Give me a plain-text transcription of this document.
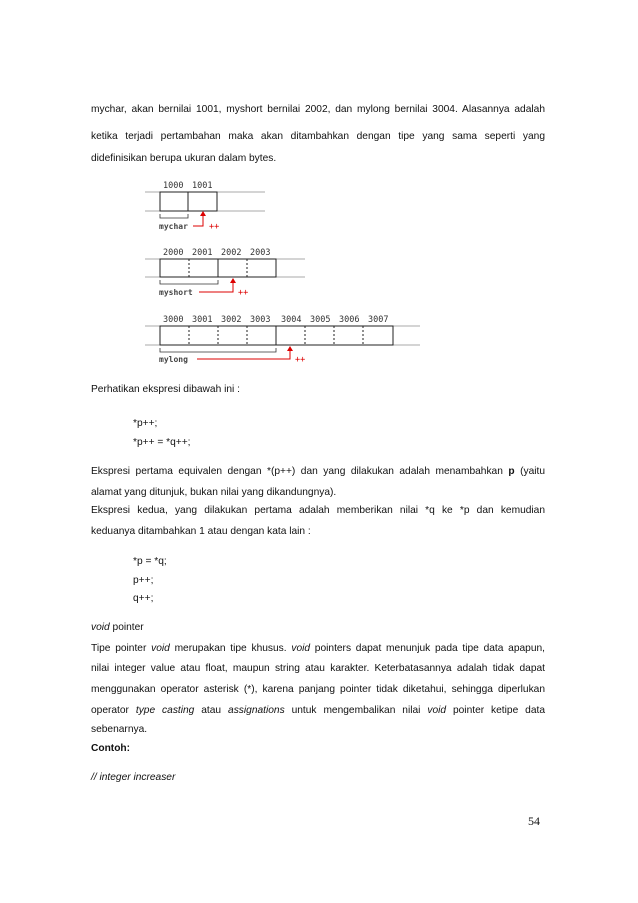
mychar, akan bernilai 1001, myshort bernilai 2002, dan mylong bernilai 3004. Alasannya adalah

ketika terjadi pertambahan maka akan ditambahkan dengan tipe yang sama seperti yang

didefinisikan berupa ukuran dalam bytes.

1000 1001
mychar ++
2000 2001 2002 2003
myshort	++
3000 3001 3002 3003 3004 3005 3006 3007
mylong	++

Perhatikan ekspresi dibawah ini :

*p++;

*p++ = *q++;

Ekspresi pertama equivalen dengan *(p++) dan yang dilakukan adalah menambahkan p (yaitu

alamat yang ditunjuk, bukan nilai yang dikandungnya).

Ekspresi kedua, yang dilakukan pertama adalah memberikan nilai *q ke *p dan kemudian

keduanya ditambahkan 1 atau dengan kata lain :

*p = *q;

p++;

q++;

void pointer

Tipe pointer void merupakan tipe khusus. void pointers dapat menunjuk pada tipe data apapun,

nilai integer value atau float, maupun string atau karakter. Keterbatasannya adalah tidak dapat

menggunakan operator asterisk (*), karena panjang pointer tidak diketahui, sehingga diperlukan

operator type casting atau assignations untuk mengembalikan nilai void pointer ketipe data

sebenarnya.

Contoh:

// integer increaser

54
